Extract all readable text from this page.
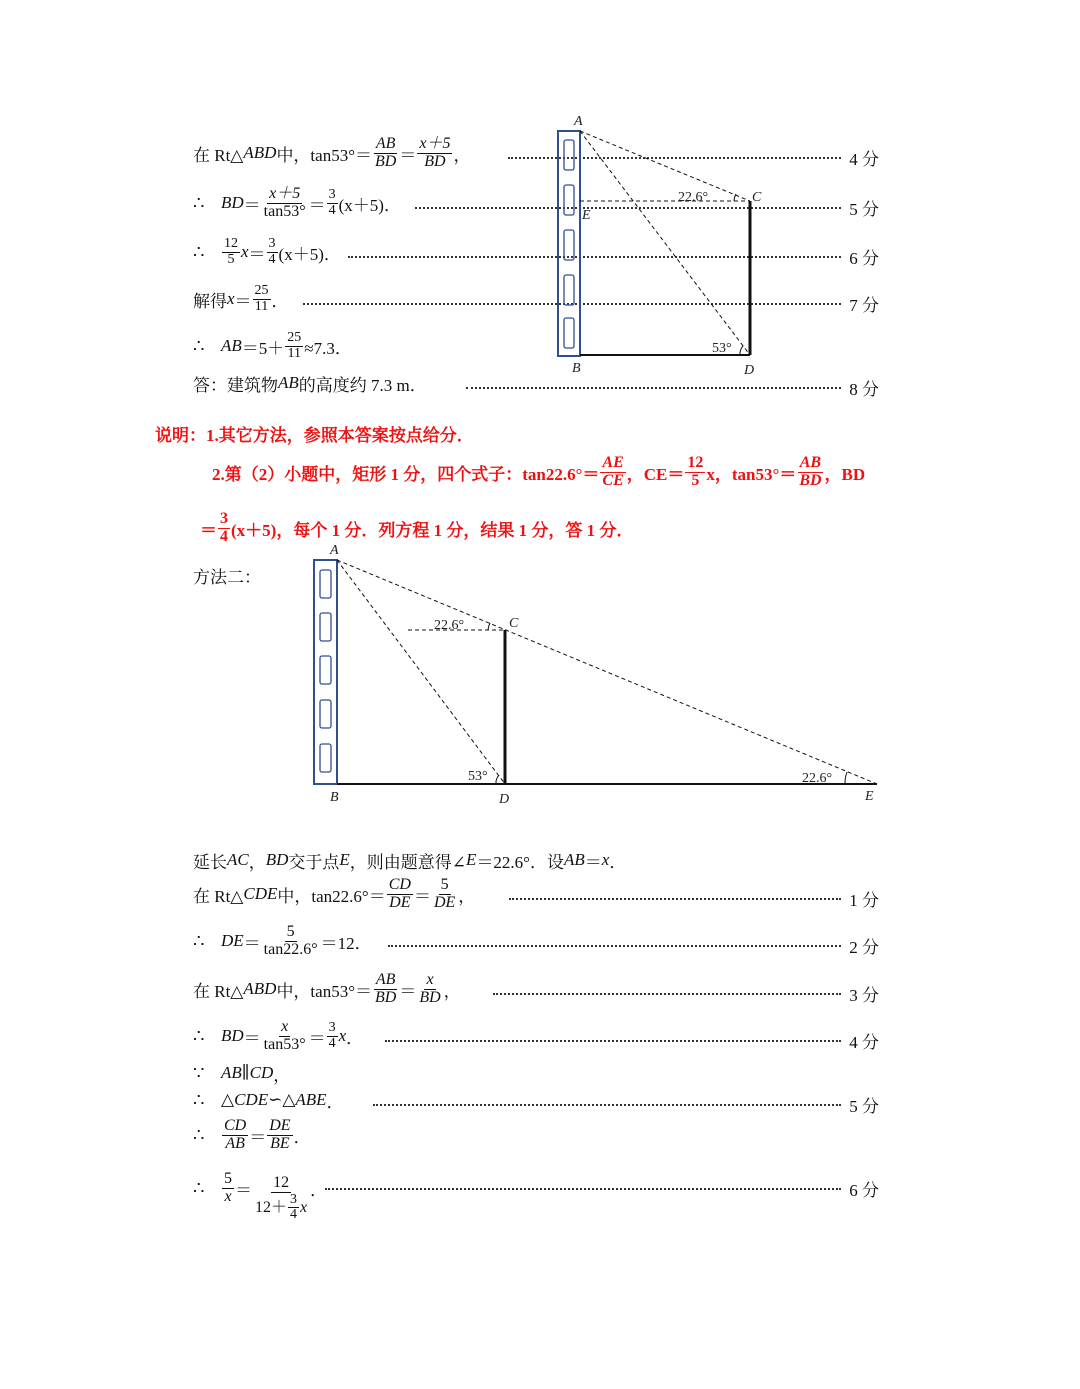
在 Rt△ ABD 中，$\tan 53^\circ= \frac{AB}{BD} = \frac{x+5}{BD}$ ，	4 分
∴ BD ＝ $\frac{x+5}{\tan 53^\circ} = \frac{3}{4} (x+5)$．	5 分
∴	$\frac{12}{5}$ $x = \frac{3}{4} (x+5)$．	6 分
解得 $x = \frac{25}{11}$ ．	7 分
∴ AB $=5+ \frac{25}{11} \approx 7.3$．
答：建筑物 AB 的高度约 7.3 m．	8 分
A
B
C
D
E
22.6°
53°
说明：1.其它方法，参照本答案按点给分．
2.第（2）小题中，矩形 1 分，四个式子：$\tan 22.6^\circ= \frac{AE}{CE}$ ，$CE= \frac{12}{5}$ x，$\tan 53^\circ= \frac{AB}{BD}$ ，BD
＝ $\frac{3}{4} (x+5)$，每个 1 分．列方程 1 分，结果 1 分，答 1 分．
方法二：
A
B
C
D	E
22.6°
53°	22.6°
延长 AC ， BD 交于点 E ，则由题意得∠ E ＝22.6°．设 AB ＝ x ．
在 Rt△ CDE 中，$\tan 22.6^\circ= \frac{CD}{DE} = \frac{5}{DE}$ ，	1 分
∴ DE ＝ $\frac{5}{\tan 22.6^\circ} =12$．	2 分
在 Rt△ ABD 中，$\tan 53^\circ= \frac{AB}{BD} = \frac{x}{BD}$ ，	3 分
∴ BD ＝ $\frac{x}{\tan 53^\circ} = \frac{3}{4}$ x ．	4 分
∵ AB ∥ CD ，
∴ △ CDE ∽△ ABE ．	5 分
∴	$\frac{CD}{AB} = \frac{DE}{BE}$ ．
∴	$\frac{5}{x} = \frac{12}{12+ \frac{3}{4} x}$ ．	6 分
